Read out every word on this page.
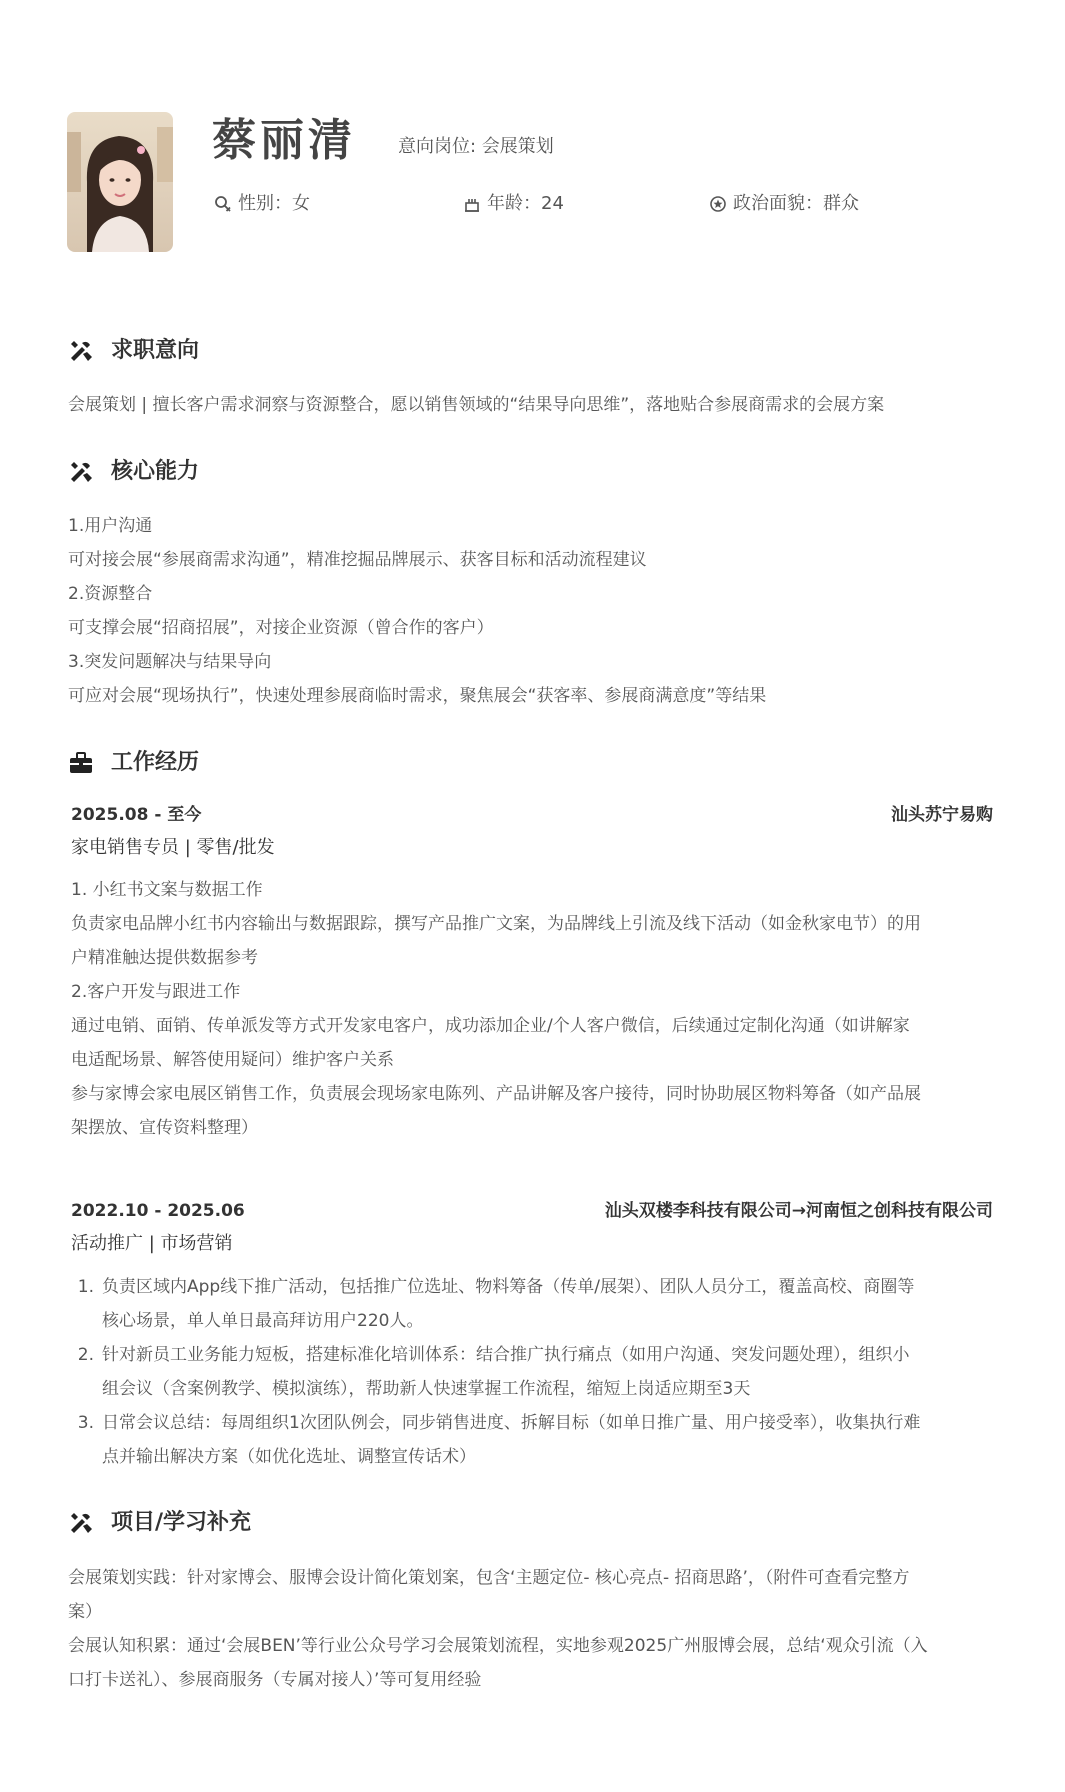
蔡丽清 意向岗位: 会展策划
性别：女	年龄：24	政治面貌：群众
求职意向
会展策划 | 擅长客户需求洞察与资源整合，愿以销售领域的“结果导向思维”，落地贴合参展商需求的会展方案
核心能力
1.用户沟通
可对接会展“参展商需求沟通”，精准挖掘品牌展示、获客目标和活动流程建议
2.资源整合
可支撑会展“招商招展”，对接企业资源（曾合作的客户）
3.突发问题解决与结果导向
可应对会展“现场执行”，快速处理参展商临时需求，聚焦展会“获客率、参展商满意度”等结果
工作经历
2025.08 - 至今	汕头苏宁易购
家电销售专员 | 零售/批发
1. 小红书文案与数据工作
负责家电品牌小红书内容输出与数据跟踪，撰写产品推广文案，为品牌线上引流及线下活动（如金秋家电节）的用
户精准触达提供数据参考
2.客户开发与跟进工作
通过电销、面销、传单派发等方式开发家电客户，成功添加企业/个人客户微信，后续通过定制化沟通（如讲解家
电适配场景、解答使用疑问）维护客户关系
参与家博会家电展区销售工作，负责展会现场家电陈列、产品讲解及客户接待，同时协助展区物料筹备（如产品展
架摆放、宣传资料整理）
2022.10 - 2025.06	汕头双楼李科技有限公司→河南恒之创科技有限公司
活动推广 | 市场营销
1. 负责区域内App线下推广活动，包括推广位选址、物料筹备（传单/展架）、团队人员分工，覆盖高校、商圈等
核心场景，单人单日最高拜访用户220人。
2. 针对新员工业务能力短板，搭建标准化培训体系：结合推广执行痛点（如用户沟通、突发问题处理），组织小
组会议（含案例教学、模拟演练），帮助新人快速掌握工作流程，缩短上岗适应期至3天
3. 日常会议总结：每周组织1次团队例会，同步销售进度、拆解目标（如单日推广量、用户接受率），收集执行难
点并输出解决方案（如优化选址、调整宣传话术）
项目/学习补充
会展策划实践：针对家博会、服博会设计简化策划案，包含‘主题定位- 核心亮点- 招商思路’，（附件可查看完整方
案）
会展认知积累：通过‘会展BEN’等行业公众号学习会展策划流程，实地参观2025广州服博会展，总结‘观众引流（入
口打卡送礼）、参展商服务（专属对接人）’等可复用经验
